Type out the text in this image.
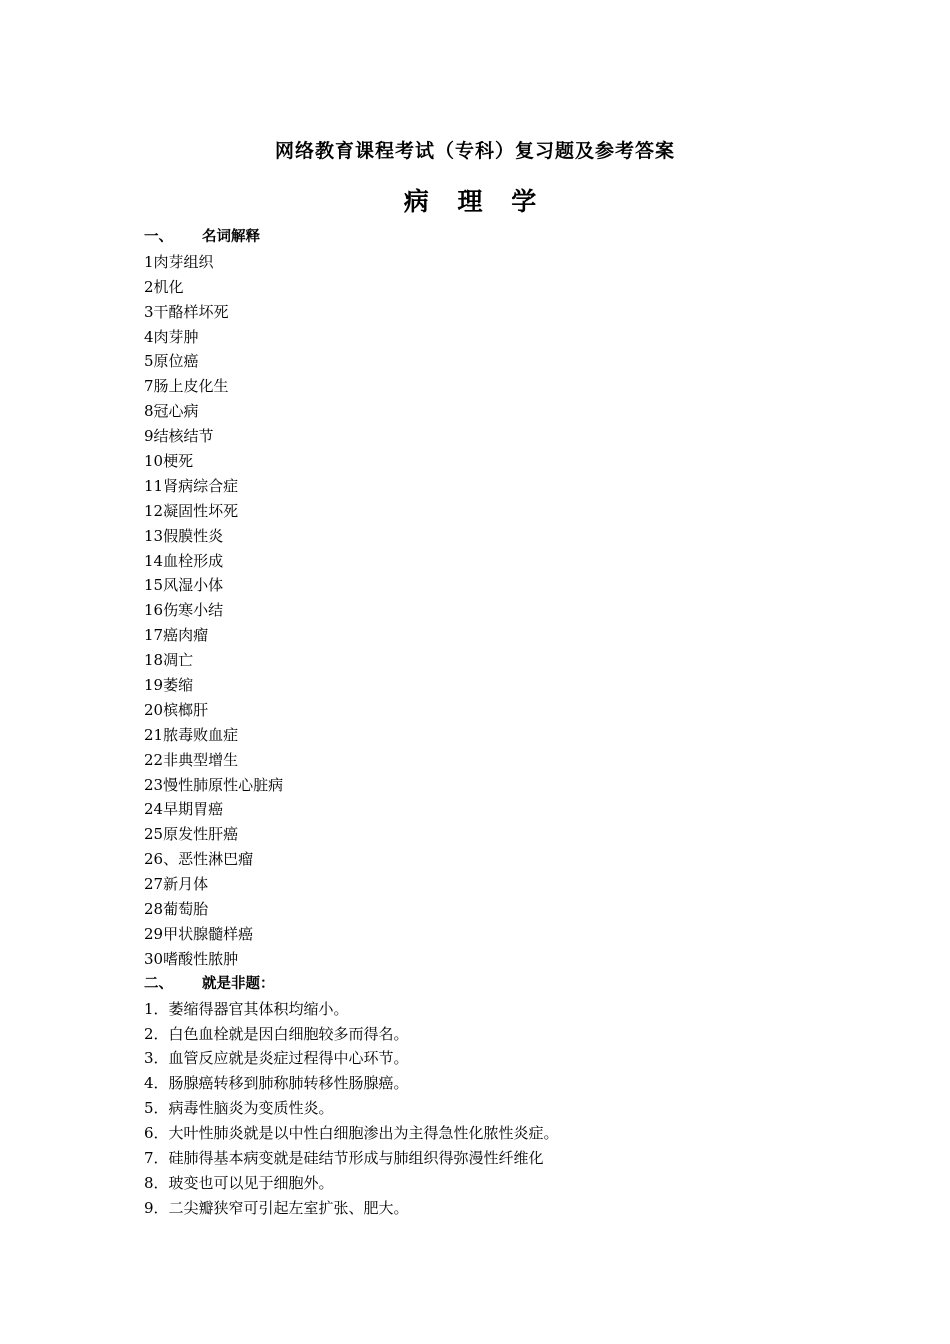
网络教育课程考试（专科）复习题及参考答案
病 理 学
一、 名词解释
1肉芽组织
2机化
3干酪样坏死
4肉芽肿
5原位癌
7肠上皮化生
8冠心病
9结核结节
10梗死
11肾病综合症
12凝固性坏死
13假膜性炎
14血栓形成
15风湿小体
16伤寒小结
17癌肉瘤
18凋亡
19萎缩
20槟榔肝
21脓毒败血症
22非典型增生
23慢性肺原性心脏病
24早期胃癌
25原发性肝癌
26、恶性淋巴瘤
27新月体
28葡萄胎
29甲状腺髓样癌
30嗜酸性脓肿
二、 就是非题：
1．萎缩得器官其体积均缩小。
2．白色血栓就是因白细胞较多而得名。
3．血管反应就是炎症过程得中心环节。
4．肠腺癌转移到肺称肺转移性肠腺癌。
5．病毒性脑炎为变质性炎。
6．大叶性肺炎就是以中性白细胞渗出为主得急性化脓性炎症。
7．硅肺得基本病变就是硅结节形成与肺组织得弥漫性纤维化
8．玻变也可以见于细胞外。
9．二尖瓣狭窄可引起左室扩张、肥大。
